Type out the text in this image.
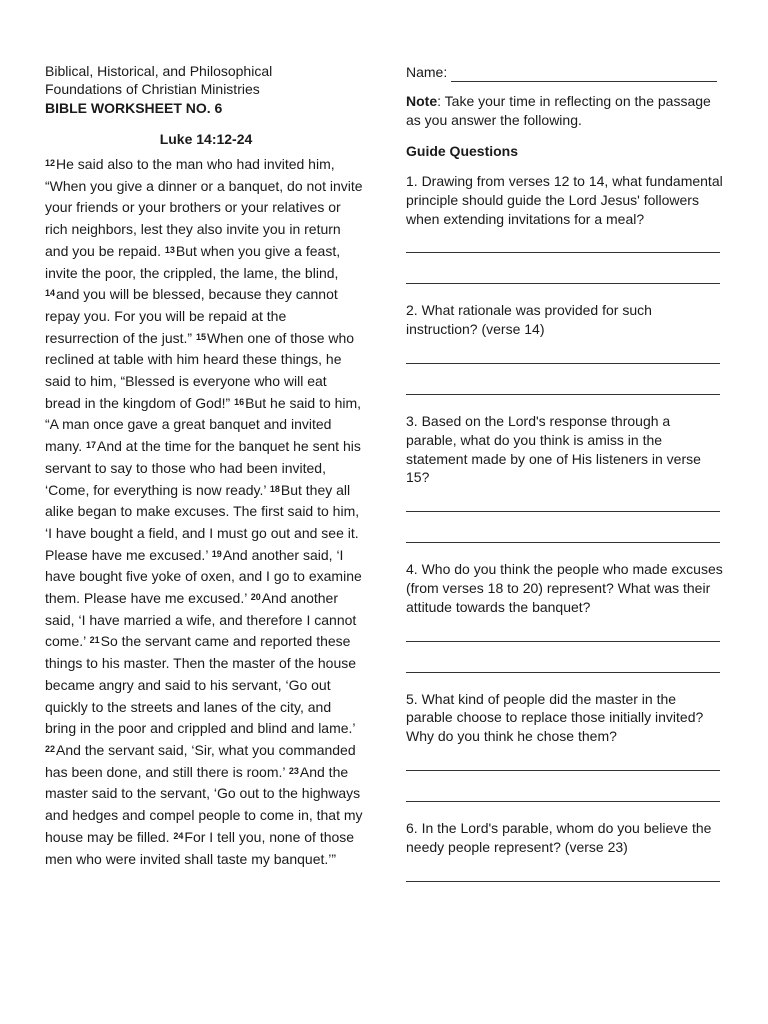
Biblical, Historical, and Philosophical
Foundations of Christian Ministries
BIBLE WORKSHEET NO. 6
Luke 14:12-24

$^{12}$He said also to the man who had invited him, “When you give a dinner or a banquet, do not invite your friends or your brothers or your relatives or rich neighbors, lest they also invite you in return and you be repaid. $^{13}$But when you give a feast, invite the poor, the crippled, the lame, the blind, $^{14}$and you will be blessed, because they cannot repay you. For you will be repaid at the resurrection of the just.” $^{15}$When one of those who reclined at table with him heard these things, he said to him, “Blessed is everyone who will eat bread in the kingdom of God!” $^{16}$But he said to him, “A man once gave a great banquet and invited many. $^{17}$And at the time for the banquet he sent his servant to say to those who had been invited, ‘Come, for everything is now ready.’ $^{18}$But they all alike began to make excuses. The first said to him, ‘I have bought a field, and I must go out and see it. Please have me excused.’ $^{19}$And another said, ‘I have bought five yoke of oxen, and I go to examine them. Please have me excused.’ $^{20}$And another said, ‘I have married a wife, and therefore I cannot come.’ $^{21}$So the servant came and reported these things to his master. Then the master of the house became angry and said to his servant, ‘Go out quickly to the streets and lanes of the city, and bring in the poor and crippled and blind and lame.’ $^{22}$And the servant said, ‘Sir, what you commanded has been done, and still there is room.’ $^{23}$And the master said to the servant, ‘Go out to the highways and hedges and compel people to come in, that my house may be filled. $^{24}$For I tell you, none of those men who were invited shall taste my banquet.’”

Name:
Note: Take your time in reflecting on the passage as you answer the following.
Guide Questions
1. Drawing from verses 12 to 14, what fundamental principle should guide the Lord Jesus' followers when extending invitations for a meal?
2. What rationale was provided for such instruction? (verse 14)
3. Based on the Lord's response through a parable, what do you think is amiss in the statement made by one of His listeners in verse 15?
4. Who do you think the people who made excuses (from verses 18 to 20) represent? What was their attitude towards the banquet?
5. What kind of people did the master in the parable choose to replace those initially invited? Why do you think he chose them?
6. In the Lord's parable, whom do you believe the needy people represent? (verse 23)
